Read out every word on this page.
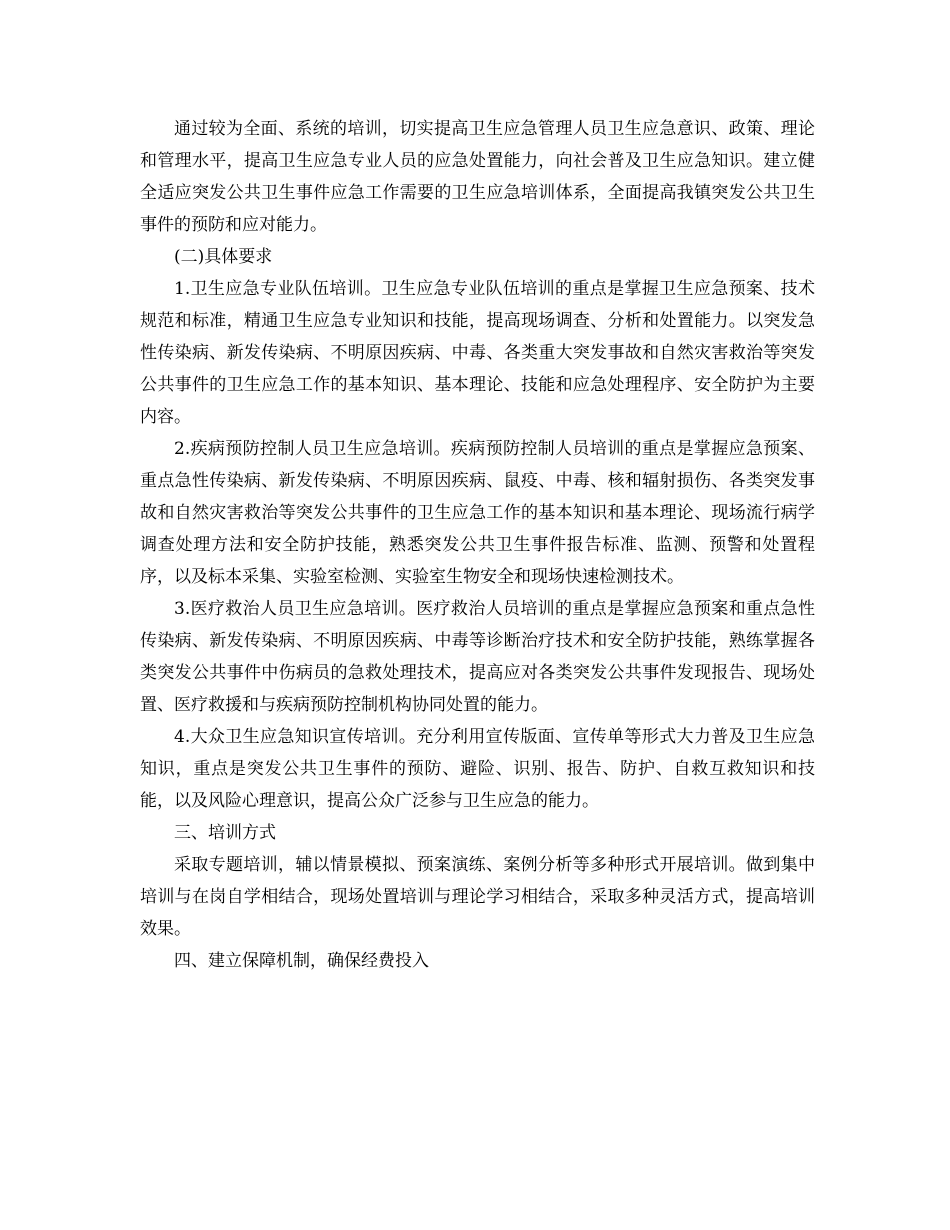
通过较为全面、系统的培训，切实提高卫生应急管理人员卫生应急意识、政策、理论和管理水平，提高卫生应急专业人员的应急处置能力，向社会普及卫生应急知识。建立健全适应突发公共卫生事件应急工作需要的卫生应急培训体系，全面提高我镇突发公共卫生事件的预防和应对能力。

(二)具体要求

1.卫生应急专业队伍培训。卫生应急专业队伍培训的重点是掌握卫生应急预案、技术规范和标准，精通卫生应急专业知识和技能，提高现场调查、分析和处置能力。以突发急性传染病、新发传染病、不明原因疾病、中毒、各类重大突发事故和自然灾害救治等突发公共事件的卫生应急工作的基本知识、基本理论、技能和应急处理程序、安全防护为主要内容。

2.疾病预防控制人员卫生应急培训。疾病预防控制人员培训的重点是掌握应急预案、重点急性传染病、新发传染病、不明原因疾病、鼠疫、中毒、核和辐射损伤、各类突发事故和自然灾害救治等突发公共事件的卫生应急工作的基本知识和基本理论、现场流行病学调查处理方法和安全防护技能，熟悉突发公共卫生事件报告标准、监测、预警和处置程序，以及标本采集、实验室检测、实验室生物安全和现场快速检测技术。

3.医疗救治人员卫生应急培训。医疗救治人员培训的重点是掌握应急预案和重点急性传染病、新发传染病、不明原因疾病、中毒等诊断治疗技术和安全防护技能，熟练掌握各类突发公共事件中伤病员的急救处理技术，提高应对各类突发公共事件发现报告、现场处置、医疗救援和与疾病预防控制机构协同处置的能力。

4.大众卫生应急知识宣传培训。充分利用宣传版面、宣传单等形式大力普及卫生应急知识，重点是突发公共卫生事件的预防、避险、识别、报告、防护、自救互救知识和技能，以及风险心理意识，提高公众广泛参与卫生应急的能力。

三、培训方式

采取专题培训，辅以情景模拟、预案演练、案例分析等多种形式开展培训。做到集中培训与在岗自学相结合，现场处置培训与理论学习相结合，采取多种灵活方式，提高培训效果。

四、建立保障机制，确保经费投入
